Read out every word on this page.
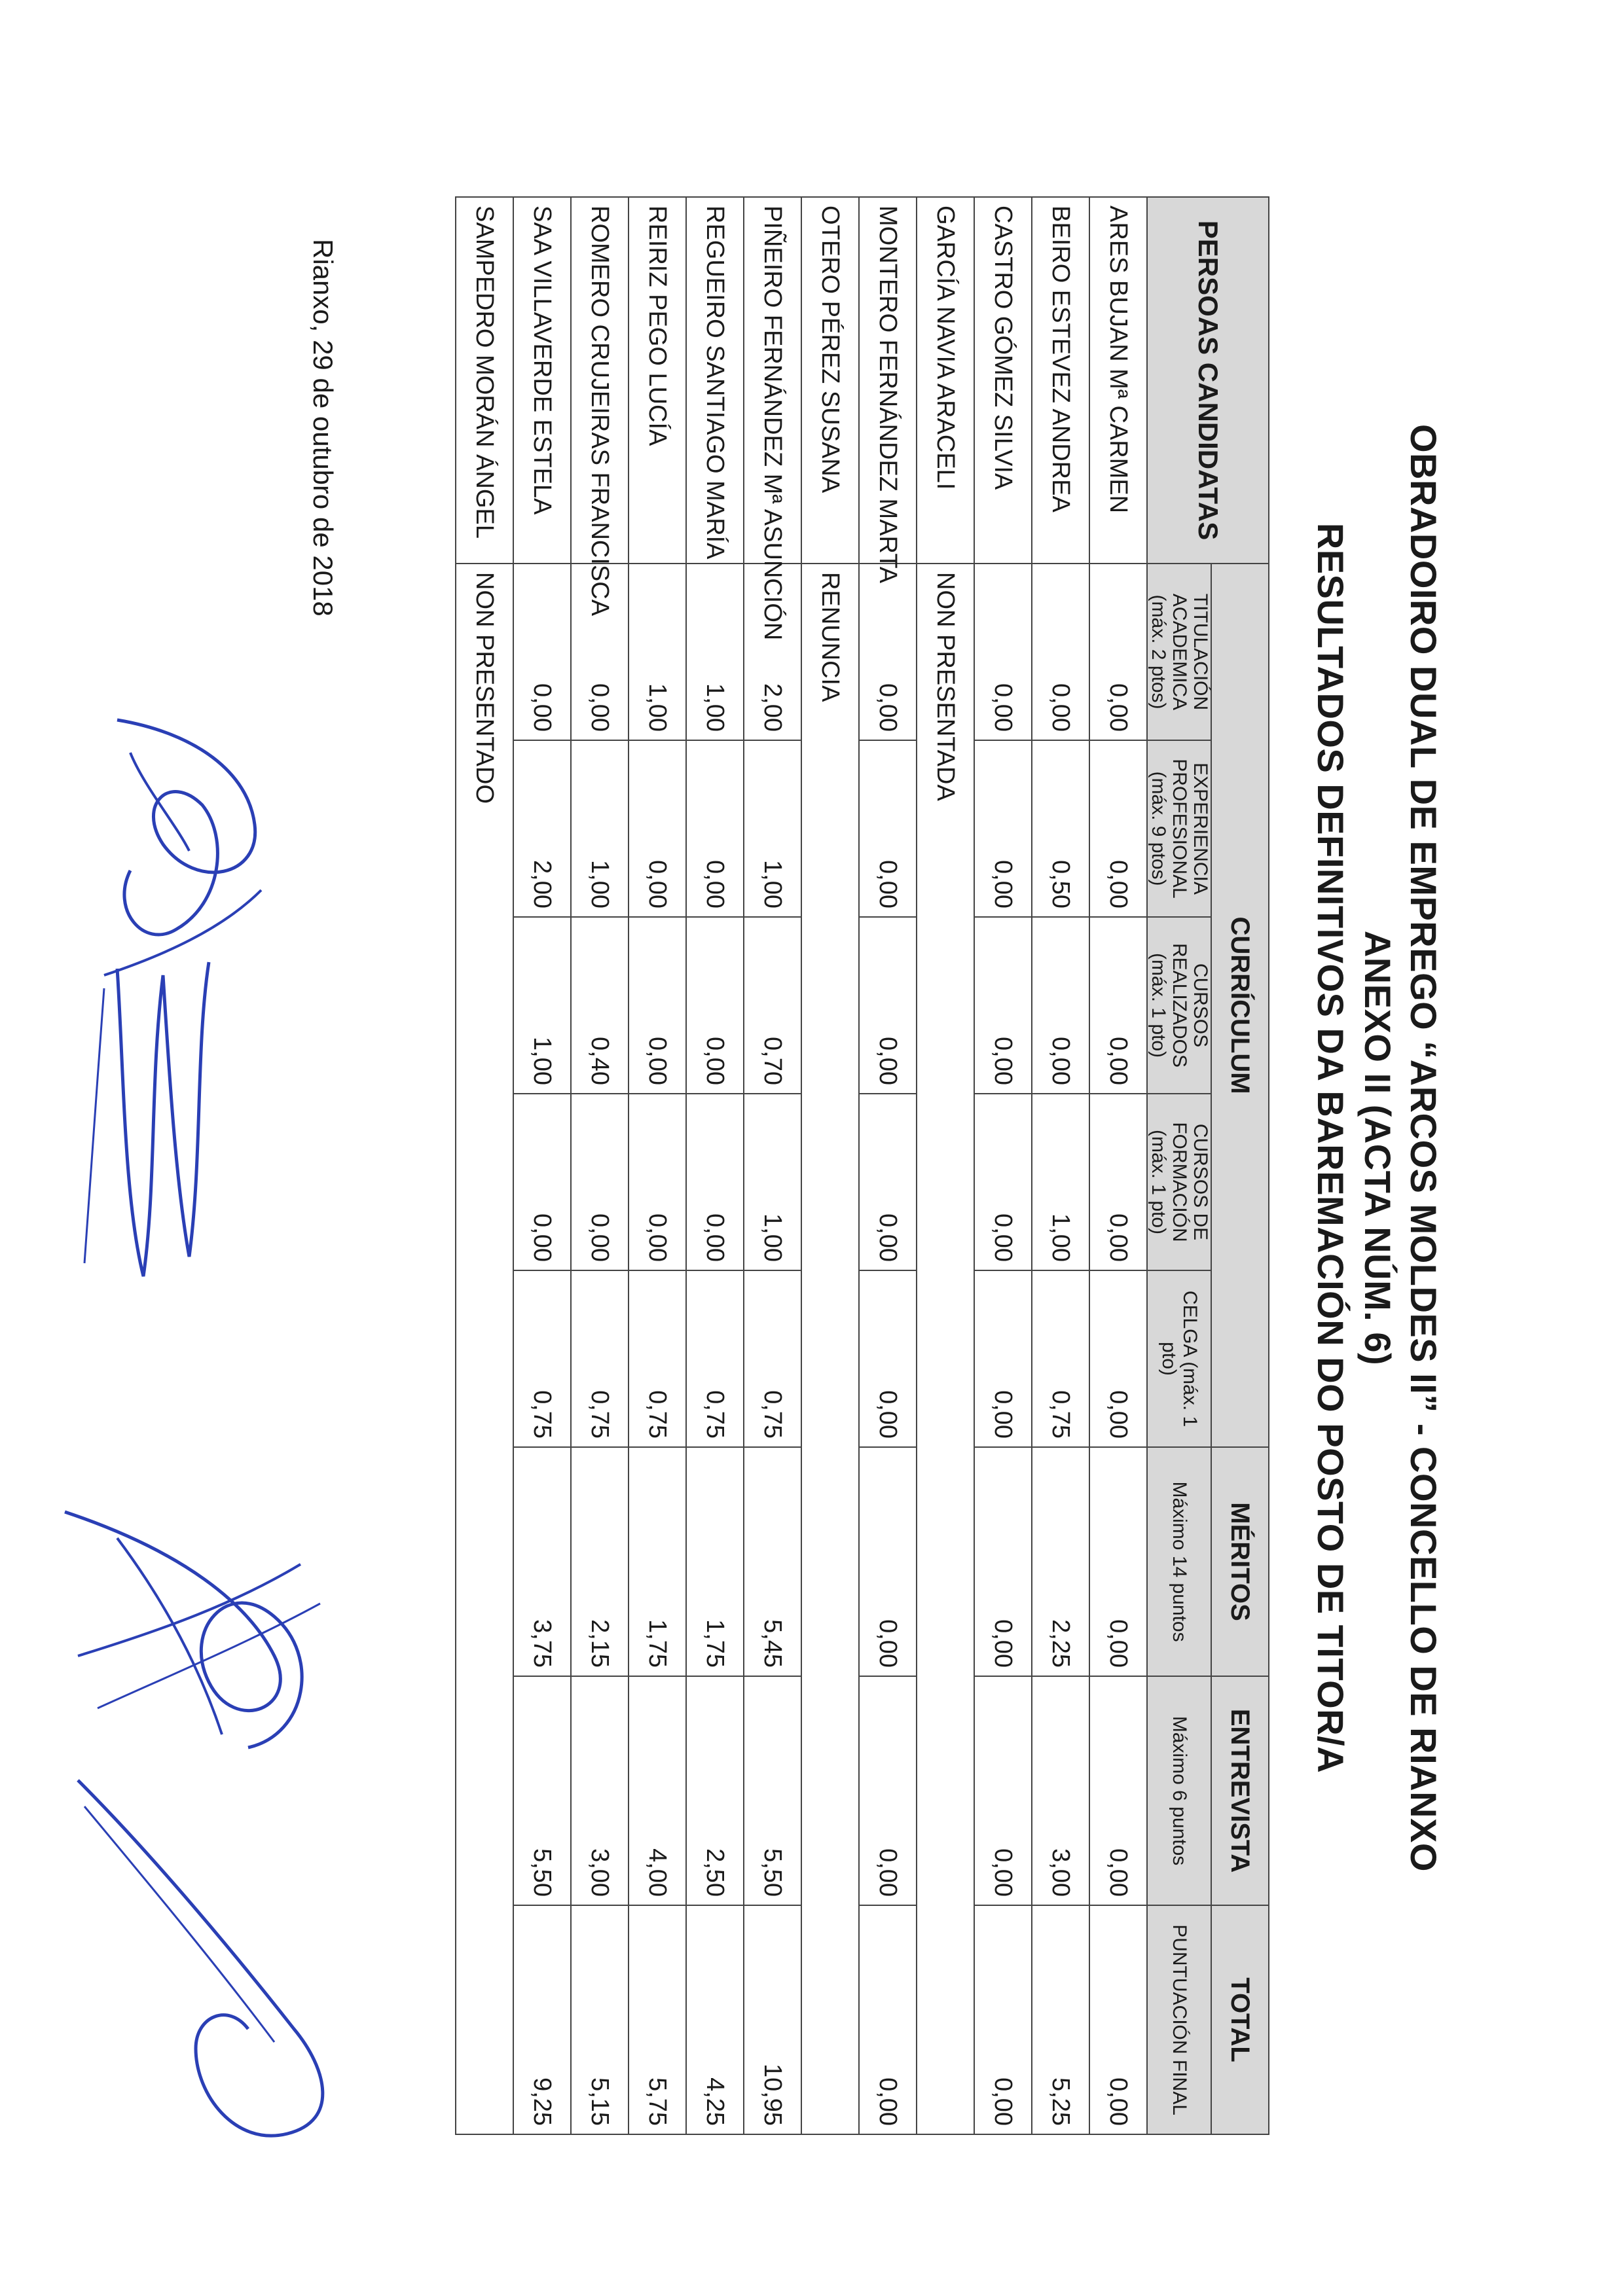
OBRADOIRO DUAL DE EMPREGO “ARCOS MOLDES II” - CONCELLO DE RIANXO
ANEXO II (ACTA NÚM. 6)
RESULTADOS DEFINITIVOS DA BAREMACIÓN DO POSTO DE TITOR/A
PERSOAS CANDIDATAS	CURRÍCULUM					MÉRITOS	ENTREVISTA	TOTAL
	TITULACIÓN ACADEMICA (máx. 2 ptos)	EXPERIENCIA PROFESIONAL (máx. 9 ptos)	CURSOS REALIZADOS (máx. 1 pto)	CURSOS DE FORMACIÓN (máx. 1 pto)	CELGA (máx. 1 pto)	Máximo 14 puntos	Máximo 6 puntos	PUNTUACIÓN FINAL
ARES BUJAN Mª CARMEN	0,00	0,00	0,00	0,00	0,00	0,00	0,00	0,00
BEIRO ESTEVEZ ANDREA	0,00	0,50	0,00	1,00	0,75	2,25	3,00	5,25
CASTRO GÓMEZ SILVIA	0,00	0,00	0,00	0,00	0,00	0,00	0,00	0,00
GARCÍA NAVIA ARACELI	NON PRESENTADA							
MONTERO FERNÁNDEZ MARTA	0,00	0,00	0,00	0,00	0,00	0,00	0,00	0,00
OTERO PÉREZ SUSANA	RENUNCIA							
PIÑEIRO FERNÁNDEZ Mª ASUNCIÓN	2,00	1,00	0,70	1,00	0,75	5,45	5,50	10,95
REGUEIRO SANTIAGO MARÍA	1,00	0,00	0,00	0,00	0,75	1,75	2,50	4,25
REIRIZ PEGO LUCÍA	1,00	0,00	0,00	0,00	0,75	1,75	4,00	5,75
ROMERO CRUJEIRAS FRANCISCA	0,00	1,00	0,40	0,00	0,75	2,15	3,00	5,15
SAA VILLAVERDE ESTELA	0,00	2,00	1,00	0,00	0,75	3,75	5,50	9,25
SAMPEDRO MORÁN ÁNGEL	NON PRESENTADO							
Rianxo, 29 de outubro de 2018
